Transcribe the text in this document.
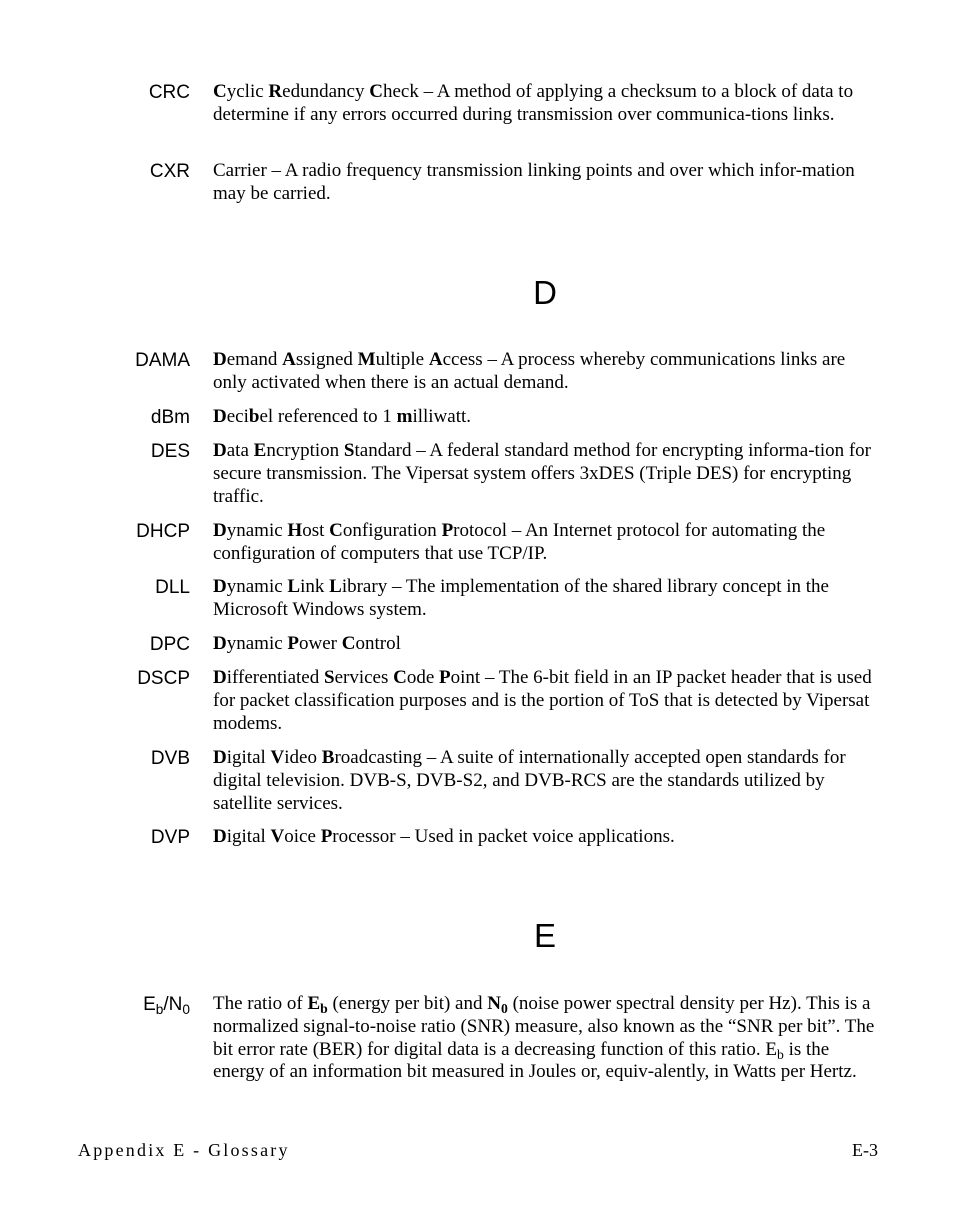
CRC Cyclic Redundancy Check – A method of applying a checksum to a block of data to determine if any errors occurred during transmission over communica-tions links.
CXR Carrier – A radio frequency transmission linking points and over which infor-mation may be carried.
D
DAMA Demand Assigned Multiple Access – A process whereby communications links are only activated when there is an actual demand.
dBm Decibel referenced to 1 milliwatt.
DES Data Encryption Standard – A federal standard method for encrypting informa-tion for secure transmission. The Vipersat system offers 3xDES (Triple DES) for encrypting traffic.
DHCP Dynamic Host Configuration Protocol – An Internet protocol for automating the configuration of computers that use TCP/IP.
DLL Dynamic Link Library – The implementation of the shared library concept in the Microsoft Windows system.
DPC Dynamic Power Control
DSCP Differentiated Services Code Point – The 6-bit field in an IP packet header that is used for packet classification purposes and is the portion of ToS that is detected by Vipersat modems.
DVB Digital Video Broadcasting – A suite of internationally accepted open standards for digital television. DVB-S, DVB-S2, and DVB-RCS are the standards utilized by satellite services.
DVP Digital Voice Processor – Used in packet voice applications.
E
$E_b/N_0$ The ratio of $E_b$ (energy per bit) and $N_0$ (noise power spectral density per Hz). This is a normalized signal-to-noise ratio (SNR) measure, also known as the “SNR per bit”. The bit error rate (BER) for digital data is a decreasing function of this ratio. $E_b$ is the energy of an information bit measured in Joules or, equiv-alently, in Watts per Hertz.
Appendix E - Glossary	E-3
